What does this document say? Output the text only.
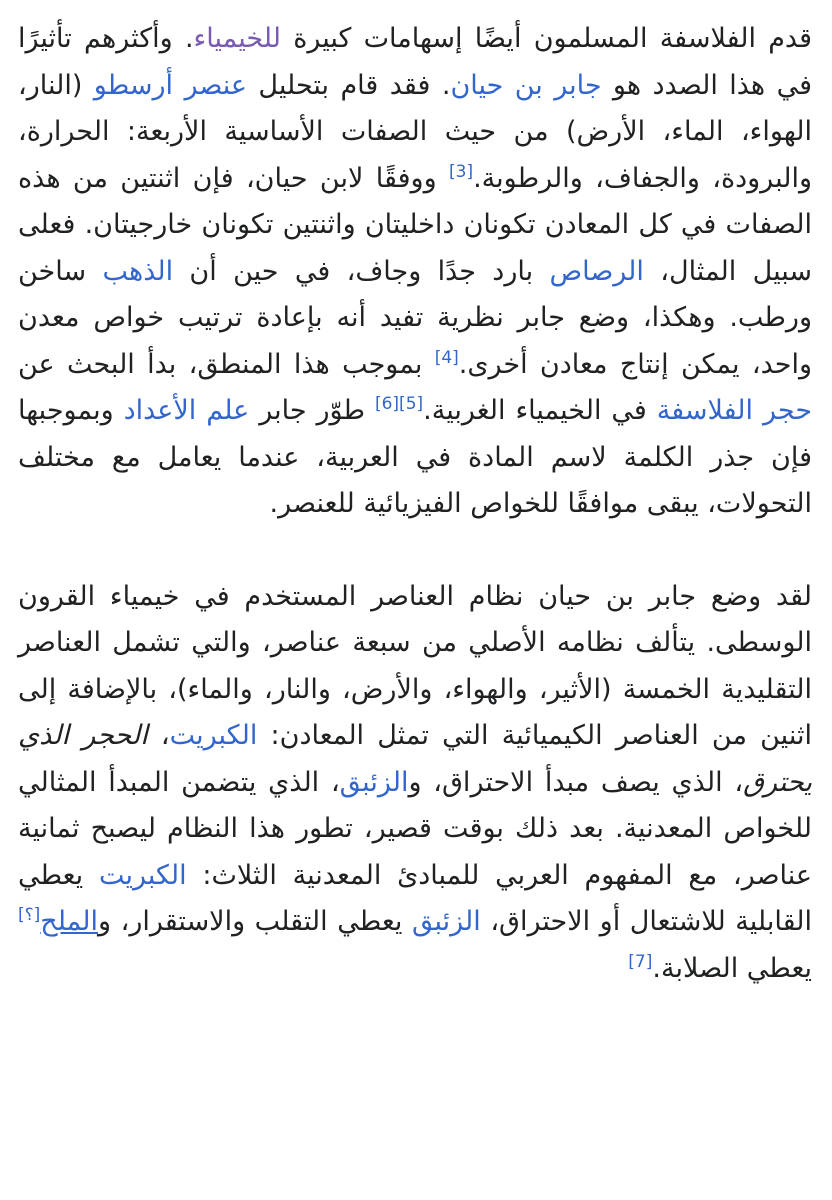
قدم الفلاسفة المسلمون أيضًا إسهامات كبيرة للخيمياء. وأكثرهم تأثيرًا في هذا الصدد هو جابر بن حيان. فقد قام بتحليل عنصر أرسطو (النار، الهواء، الماء، الأرض) من حيث الصفات الأساسية الأربعة: الحرارة، والبرودة، والجفاف، والرطوبة.[3] ووفقًا لابن حيان، فإن اثنتين من هذه الصفات في كل المعادن تكونان داخليتان واثنتين تكونان خارجيتان. فعلى سبيل المثال، الرصاص بارد جدًا وجاف، في حين أن الذهب ساخن ورطب. وهكذا، وضع جابر نظرية تفيد أنه بإعادة ترتيب خواص معدن واحد، يمكن إنتاج معادن أخرى.[4] بموجب هذا المنطق، بدأ البحث عن حجر الفلاسفة في الخيمياء الغربية.[5][6] طوّر جابر علم الأعداد وبموجبها فإن جذر الكلمة لاسم المادة في العربية، عندما يعامل مع مختلف التحولات، يبقى موافقًا للخواص الفيزيائية للعنصر.

لقد وضع جابر بن حيان نظام العناصر المستخدم في خيمياء القرون الوسطى. يتألف نظامه الأصلي من سبعة عناصر، والتي تشمل العناصر التقليدية الخمسة (الأثير، والهواء، والأرض، والنار، والماء)، بالإضافة إلى اثنين من العناصر الكيميائية التي تمثل المعادن: الكبريت، الحجر الذي يحترق، الذي يصف مبدأ الاحتراق، والزئبق، الذي يتضمن المبدأ المثالي للخواص المعدنية. بعد ذلك بوقت قصير، تطور هذا النظام ليصبح ثمانية عناصر، مع المفهوم العربي للمبادئ المعدنية الثلاث: الكبريت يعطي القابلية للاشتعال أو الاحتراق، الزئبق يعطي التقلب والاستقرار، والملح[؟] يعطي الصلابة.[7]
